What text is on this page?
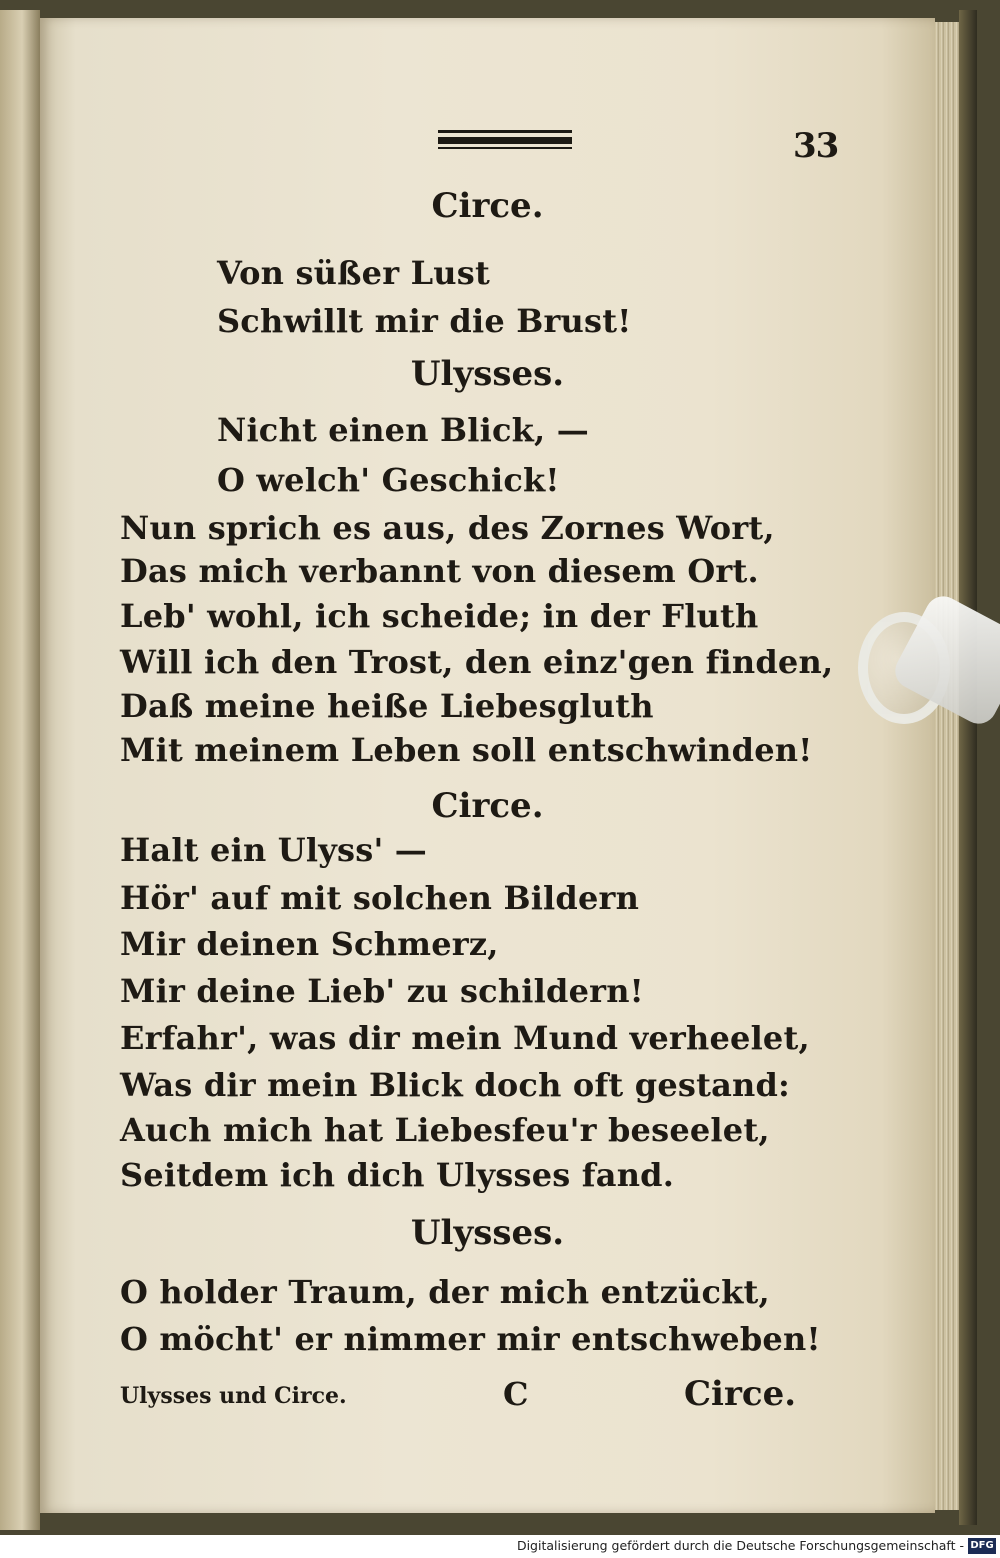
33
Circe.
Von süßer Lust
Schwillt mir die Brust!
Ulysses.
Nicht einen Blick, —
O welch' Geschick!
Nun sprich es aus, des Zornes Wort,
Das mich verbannt von diesem Ort.
Leb' wohl, ich scheide; in der Fluth
Will ich den Trost, den einz'gen finden,
Daß meine heiße Liebesgluth
Mit meinem Leben soll entschwinden!
Circe.
Halt ein Ulyss' —
Hör' auf mit solchen Bildern
Mir deinen Schmerz,
Mir deine Lieb' zu schildern!
Erfahr', was dir mein Mund verheelet,
Was dir mein Blick doch oft gestand:
Auch mich hat Liebesfeu'r beseelet,
Seitdem ich dich Ulysses fand.
Ulysses.
O holder Traum, der mich entzückt,
O möcht' er nimmer mir entschweben!
Ulysses und Circe.	C	Circe.
Digitalisierung gefördert durch die Deutsche Forschungsgemeinschaft - DFG
